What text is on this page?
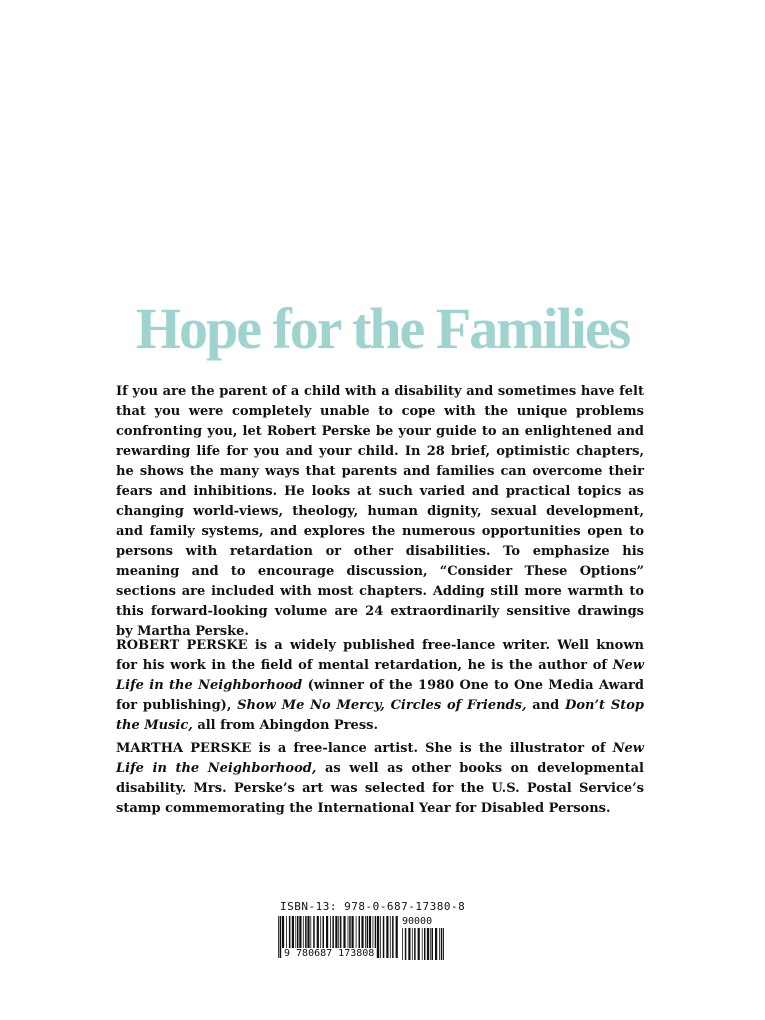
Hope for the Families

If you are the parent of a child with a disability and sometimes have felt that you were completely unable to cope with the unique problems confronting you, let Robert Perske be your guide to an enlightened and rewarding life for you and your child. In 28 brief, optimistic chapters, he shows the many ways that parents and families can overcome their fears and inhibitions. He looks at such varied and practical topics as changing world-views, theology, human dignity, sexual development, and family systems, and explores the numerous opportunities open to persons with retardation or other disabilities. To emphasize his meaning and to encourage discussion, “Consider These Options” sections are included with most chapters. Adding still more warmth to this forward-looking volume are 24 extraordinarily sensitive drawings by Martha Perske.

ROBERT PERSKE is a widely published free-lance writer. Well known for his work in the field of mental retardation, he is the author of New Life in the Neighborhood (winner of the 1980 One to One Media Award for publishing), Show Me No Mercy, Circles of Friends, and Don’t Stop the Music, all from Abingdon Press.

MARTHA PERSKE is a free-lance artist. She is the illustrator of New Life in the Neighborhood, as well as other books on developmental disability. Mrs. Perske’s art was selected for the U.S. Postal Service’s stamp commemorating the International Year for Disabled Persons.

ISBN-13: 978-0-687-17380-8
90000
9 780687 173808
